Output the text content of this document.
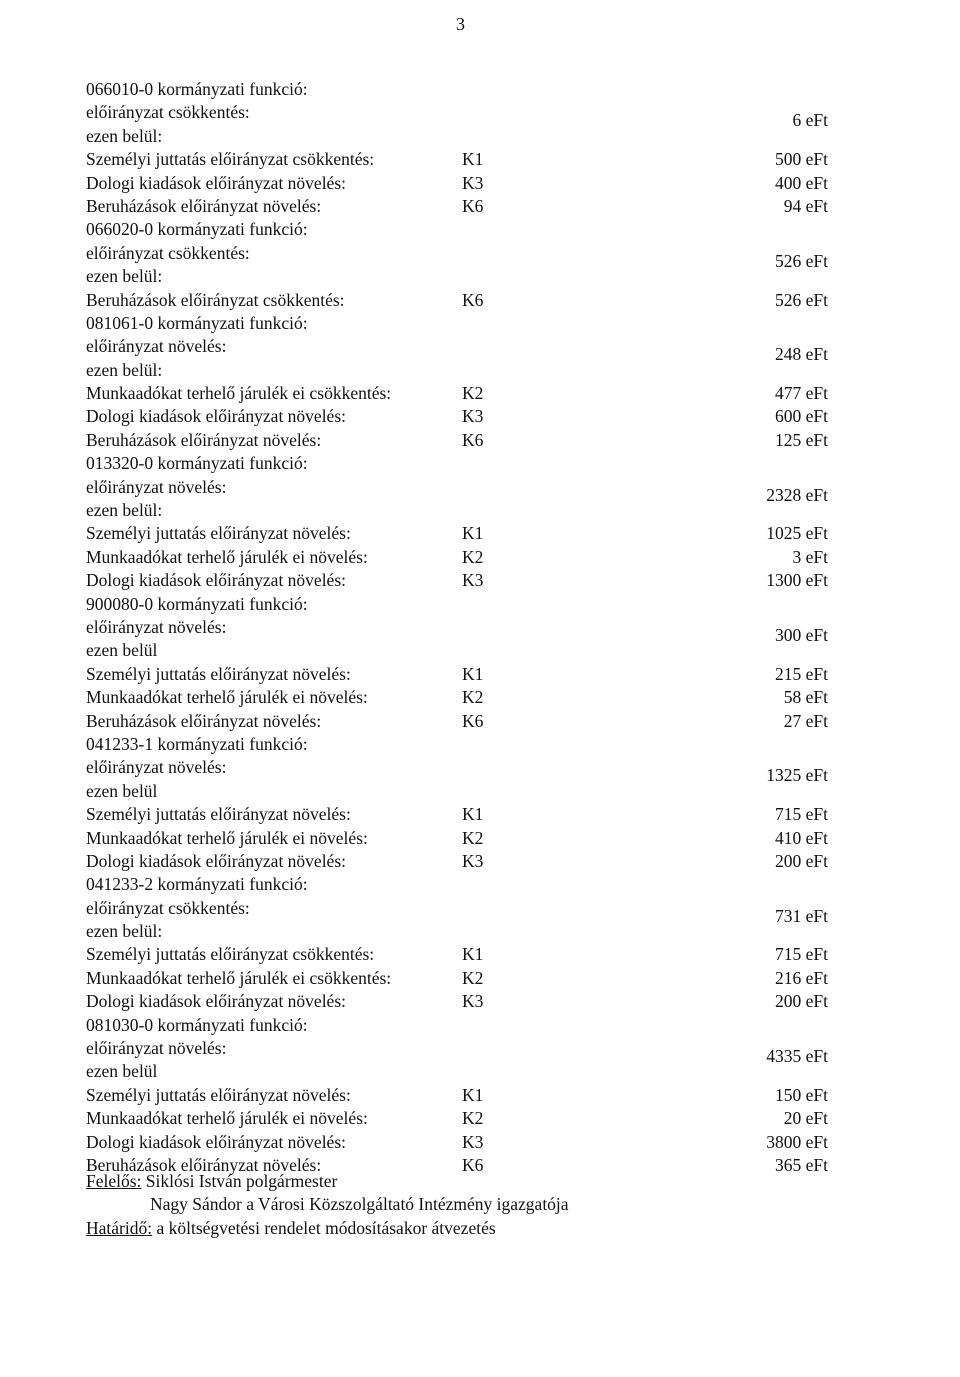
3
066010-0 kormányzati funkció:
előirányzat csökkentés:	6 eFt
ezen belül:
Személyi juttatás előirányzat csökkentés:	K1	500 eFt
Dologi kiadások előirányzat növelés:	K3	400 eFt
Beruházások előirányzat növelés:	K6	94 eFt
066020-0 kormányzati funkció:
előirányzat csökkentés:	526 eFt
ezen belül:
Beruházások előirányzat csökkentés:	K6	526 eFt
081061-0 kormányzati funkció:
előirányzat növelés:	248 eFt
ezen belül:
Munkaadókat terhelő járulék ei csökkentés:	K2	477 eFt
Dologi kiadások előirányzat növelés:	K3	600 eFt
Beruházások előirányzat növelés:	K6	125 eFt
013320-0 kormányzati funkció:
előirányzat növelés:	2328 eFt
ezen belül:
Személyi juttatás előirányzat növelés:	K1	1025 eFt
Munkaadókat terhelő járulék ei növelés:	K2	3 eFt
Dologi kiadások előirányzat növelés:	K3	1300 eFt
900080-0 kormányzati funkció:
előirányzat növelés:	300 eFt
ezen belül
Személyi juttatás előirányzat növelés:	K1	215 eFt
Munkaadókat terhelő járulék ei növelés:	K2	58 eFt
Beruházások előirányzat növelés:	K6	27 eFt
041233-1 kormányzati funkció:
előirányzat növelés:	1325 eFt
ezen belül
Személyi juttatás előirányzat növelés:	K1	715 eFt
Munkaadókat terhelő járulék ei növelés:	K2	410 eFt
Dologi kiadások előirányzat növelés:	K3	200 eFt
041233-2 kormányzati funkció:
előirányzat csökkentés:	731 eFt
ezen belül:
Személyi juttatás előirányzat csökkentés:	K1	715 eFt
Munkaadókat terhelő járulék ei csökkentés:	K2	216 eFt
Dologi kiadások előirányzat növelés:	K3	200 eFt
081030-0 kormányzati funkció:
előirányzat növelés:	4335 eFt
ezen belül
Személyi juttatás előirányzat növelés:	K1	150 eFt
Munkaadókat terhelő járulék ei növelés:	K2	20 eFt
Dologi kiadások előirányzat növelés:	K3	3800 eFt
Beruházások előirányzat növelés:	K6	365 eFt
Felelős: Siklósi István polgármester
Nagy Sándor a Városi Közszolgáltató Intézmény igazgatója
Határidő: a költségvetési rendelet módosításakor átvezetés
